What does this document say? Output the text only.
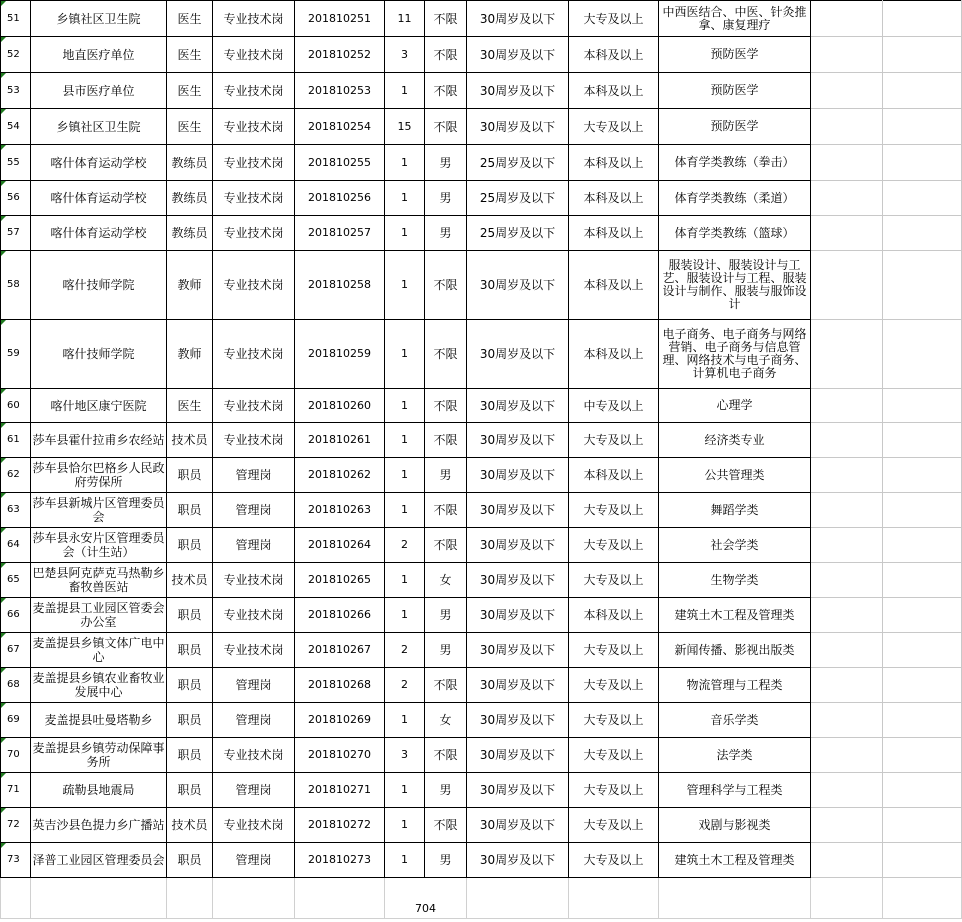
51	乡镇社区卫生院	医生	专业技术岗	201810251	11	不限	30周岁及以下	大专及以上	中西医结合、中医、针灸推拿、康复理疗		
52	地直医疗单位	医生	专业技术岗	201810252	3	不限	30周岁及以下	本科及以上	预防医学		
53	县市医疗单位	医生	专业技术岗	201810253	1	不限	30周岁及以下	本科及以上	预防医学		
54	乡镇社区卫生院	医生	专业技术岗	201810254	15	不限	30周岁及以下	大专及以上	预防医学		
55	喀什体育运动学校	教练员	专业技术岗	201810255	1	男	25周岁及以下	本科及以上	体育学类教练（拳击）		
56	喀什体育运动学校	教练员	专业技术岗	201810256	1	男	25周岁及以下	本科及以上	体育学类教练（柔道）		
57	喀什体育运动学校	教练员	专业技术岗	201810257	1	男	25周岁及以下	本科及以上	体育学类教练（篮球）		
58	喀什技师学院	教师	专业技术岗	201810258	1	不限	30周岁及以下	本科及以上	服装设计、服装设计与工艺、服装设计与工程、服装设计与制作、服装与服饰设计		
59	喀什技师学院	教师	专业技术岗	201810259	1	不限	30周岁及以下	本科及以上	电子商务、电子商务与网络营销、电子商务与信息管理、网络技术与电子商务、计算机电子商务		
60	喀什地区康宁医院	医生	专业技术岗	201810260	1	不限	30周岁及以下	中专及以上	心理学		
61	莎车县霍什拉甫乡农经站	技术员	专业技术岗	201810261	1	不限	30周岁及以下	大专及以上	经济类专业		
62	莎车县恰尔巴格乡人民政府劳保所	职员	管理岗	201810262	1	男	30周岁及以下	本科及以上	公共管理类		
63	莎车县新城片区管理委员会	职员	管理岗	201810263	1	不限	30周岁及以下	大专及以上	舞蹈学类		
64	莎车县永安片区管理委员会（计生站）	职员	管理岗	201810264	2	不限	30周岁及以下	大专及以上	社会学类		
65	巴楚县阿克萨克马热勒乡畜牧兽医站	技术员	专业技术岗	201810265	1	女	30周岁及以下	大专及以上	生物学类		
66	麦盖提县工业园区管委会办公室	职员	专业技术岗	201810266	1	男	30周岁及以下	本科及以上	建筑土木工程及管理类		
67	麦盖提县乡镇文体广电中心	职员	专业技术岗	201810267	2	男	30周岁及以下	大专及以上	新闻传播、影视出版类		
68	麦盖提县乡镇农业畜牧业发展中心	职员	管理岗	201810268	2	不限	30周岁及以下	大专及以上	物流管理与工程类		
69	麦盖提县吐曼塔勒乡	职员	管理岗	201810269	1	女	30周岁及以下	大专及以上	音乐学类		
70	麦盖提县乡镇劳动保障事务所	职员	专业技术岗	201810270	3	不限	30周岁及以下	大专及以上	法学类		
71	疏勒县地震局	职员	管理岗	201810271	1	男	30周岁及以下	大专及以上	管理科学与工程类		
72	英吉沙县色提力乡广播站	技术员	专业技术岗	201810272	1	不限	30周岁及以下	大专及以上	戏剧与影视类		
73	泽普工业园区管理委员会	职员	管理岗	201810273	1	男	30周岁及以下	大专及以上	建筑土木工程及管理类		
					704						
